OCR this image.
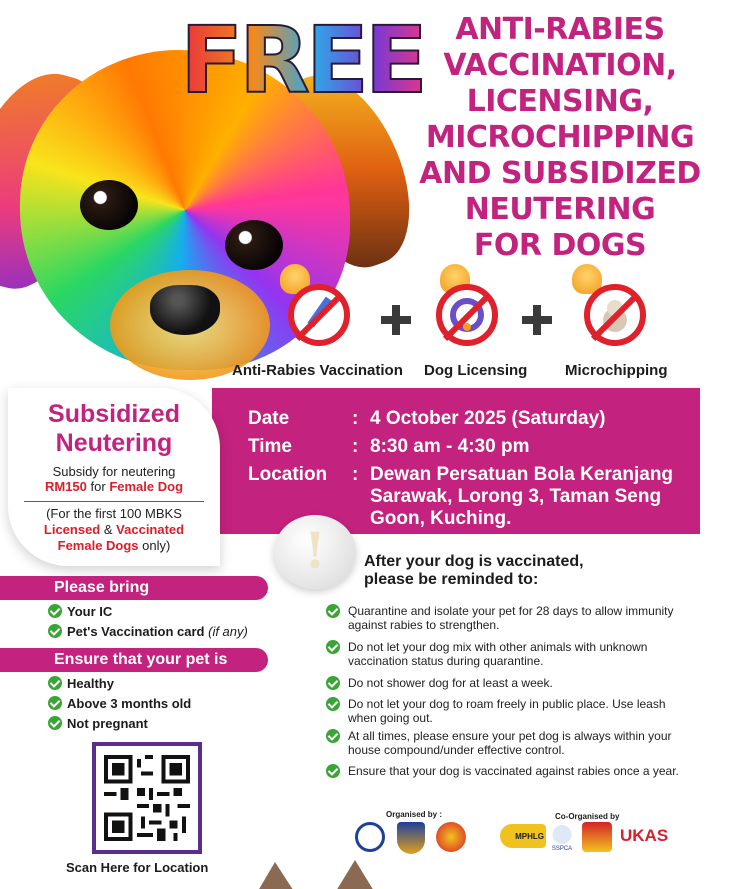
FREE	ANTI-RABIES
VACCINATION,
LICENSING,
MICROCHIPPING
AND SUBSIDIZED
NEUTERING
FOR DOGS
Anti-Rabies Vaccination Dog Licensing	Microchipping
Date	: 4 October 2025 (Saturday)
Time	: 8:30 am - 4:30 pm
Location	: Dewan Persatuan Bola Keranjang Sarawak, Lorong 3, Taman Seng Goon, Kuching.
Subsidized
Neutering
Subsidy for neutering
RM150 for Female Dog
(For the first 100 MBKS
Licensed & Vaccinated
Female Dogs only)
Please bring
Your IC
Pet's Vaccination card (if any)
Ensure that your pet is
Healthy
Above 3 months old
Not pregnant
Scan Here for Location
!
After your dog is vaccinated,
please be reminded to:
Quarantine and isolate your pet for 28 days to allow immunity against rabies to strengthen.
Do not let your dog mix with other animals with unknown vaccination status during quarantine.
Do not shower dog for at least a week.
Do not let your dog to roam freely in public place. Use leash when going out.
At all times, please ensure your pet dog is always within your house compound/under effective control.
Ensure that your dog is vaccinated against rabies once a year.
Organised by :	Co-Organised by
MPHLG
SSPCA
UKAS
